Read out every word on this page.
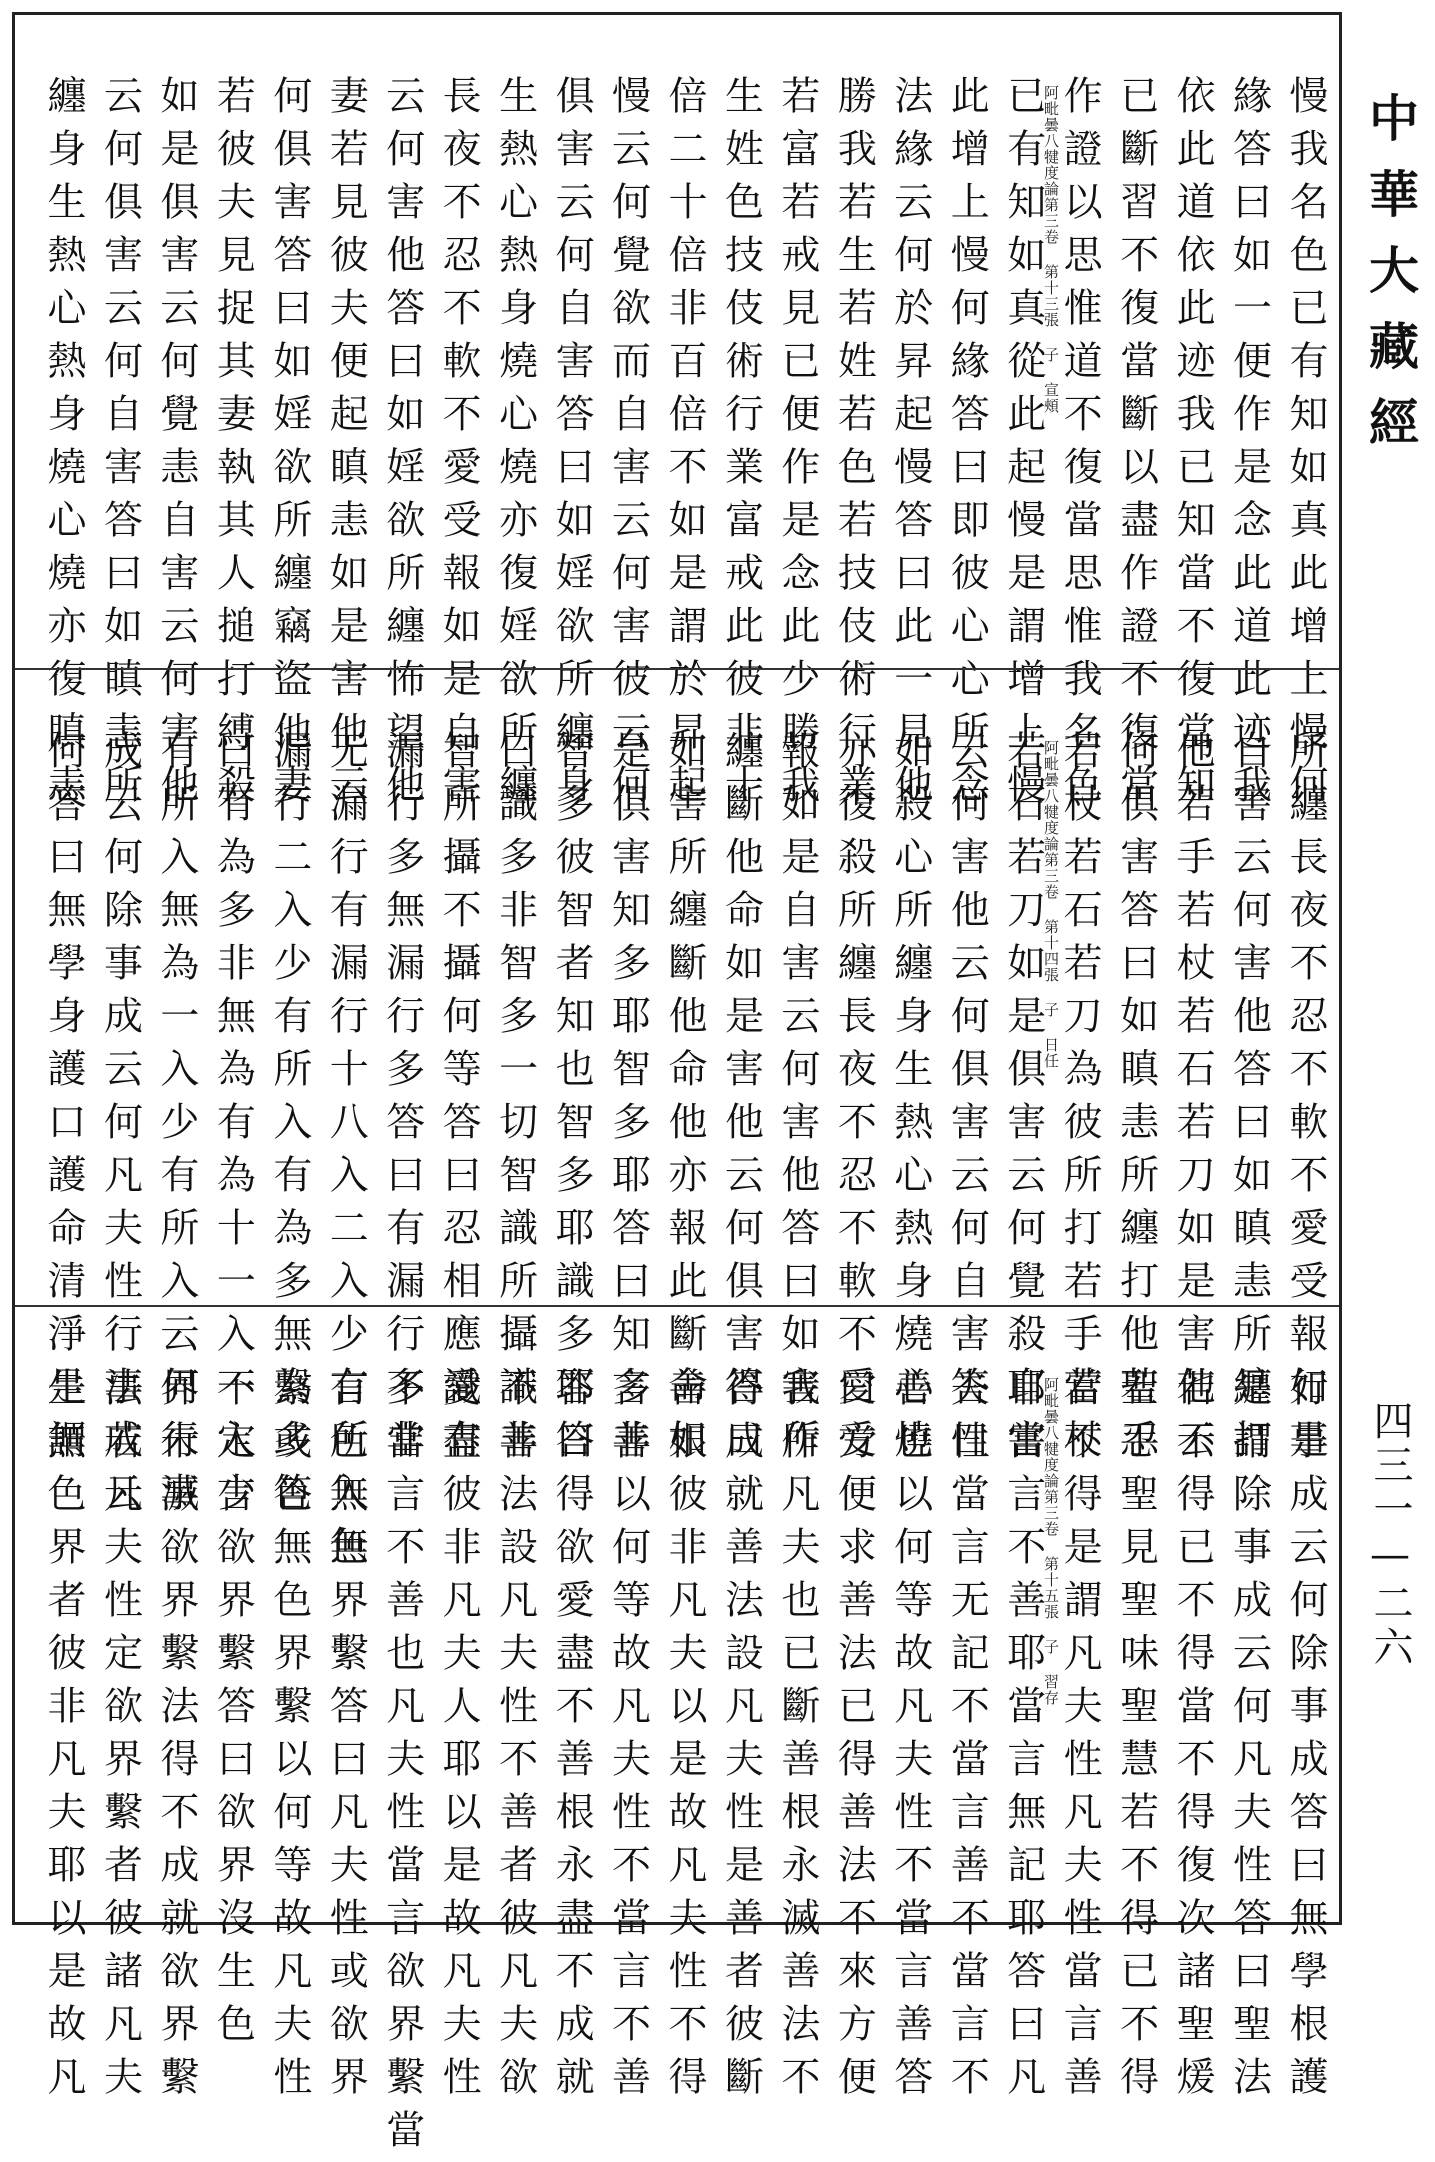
阿毗曇八犍度論第三卷 第十三張 子 宣頰	慢我名色已有知如真此增上慢何
緣答曰如一便作是念此道此迹我
依此道依此迹我已知當不復當知
已斷習不復當斷以盡作證不復當
作證以思惟道不復當思惟我名色
已有知如真從此起慢是謂增上慢
此增上慢何緣答曰即彼心心所念
法緣云何於昇起慢答曰此一見他
勝我若生若姓若色若技伎術行業
若富若戒見已便作是念此少勝我
生姓色技伎術行業富戒此彼非十
倍二十倍非百倍不如是謂於昇起
慢云何覺欲而自害云何害彼云何
俱害云何自害答曰如婬欲所纏身
生熱心熱身燒心燒亦復婬欲所纏
長夜不忍不軟不愛受報如是自害
云何害他答曰如婬欲所纏怖望他
妻若見彼夫便起瞋恚如是害他云
何俱害答曰如婬欲所纏竊盜他妻
若彼夫見捉其妻執其人搥打縛殺
如是俱害云何覺恚自害云何害他
云何俱害云何自害答曰如瞋恚所
纏身生熱心熱身燒心燒亦復瞋恚
阿毗曇八犍度論第三卷 第十四張 子 日任	所纏長夜不忍不軟不愛受報如是
自害云何害他答曰如瞋恚所纏打
他若手若杖若石若刀如是害他云
何俱害答曰如瞋恚所纏打他若手
若杖若石若刀為彼所打若手若杖
若石若刀如是俱害云何覺殺自害
云何害他云何俱害云何自害答曰
如殺心所纏身生熱心熱身燒心燒
亦復殺所纏長夜不忍不軟不愛受
報如是自害云何害他答曰如害所
纏斷他命如是害他云何俱害答曰
如害所纏斷他命他亦報此斷命如
是俱害知多耶智多耶答曰知多非
智多彼智者知也智多耶識多耶答
曰識多非智多一切智識所攝識非
智所攝不攝何等答曰忍相應識有
漏行多無漏行多答曰有漏行多非
无漏行有漏行十八入二入少有所入無
漏行二入少有所入有為多無為多答
曰有為多非無為有為十一入一入少
有所入無為一入少有所入云何行事
成云何除事成云何凡夫性行事成云
何答曰無學身護口護命清淨是謂
阿毗曇八犍度論第三卷 第十五張 子 習存	行事成云何除事成答曰無學根護
是謂除事成云何凡夫性答曰聖法
若不得已不得當不得復次諸聖煖
聖忍聖見聖味聖慧若不得已不得
當不得是謂凡夫性凡夫性當言善
耶當言不善耶當言無記耶答曰凡
夫性當言无記不當言善不當言不
善也以何等故凡夫性不當言善答
曰方便求善法已得善法不來方便
我作凡夫也已斷善根永滅善法不
得成就善法設凡夫性是善者彼斷
善根彼非凡夫以是故凡夫性不得
言善以何等故凡夫性不當言不善
答曰得欲愛盡不善根永盡不成就
不善法設凡夫性不善者彼凡夫欲
愛盡彼非凡夫人耶以是故凡夫性
不當言不善也凡夫性當言欲界繫當
言色無色界繫答曰凡夫性或欲界
繫或色無色界繫以何等故凡夫性
不定言欲界繫答曰欲界沒生色
界未滅欲界繫法得不成就欲界繫
法若凡夫性定欲界繫者彼諸凡夫
生無色界者彼非凡夫耶以是故凡
中華大藏經
四三一—二六
